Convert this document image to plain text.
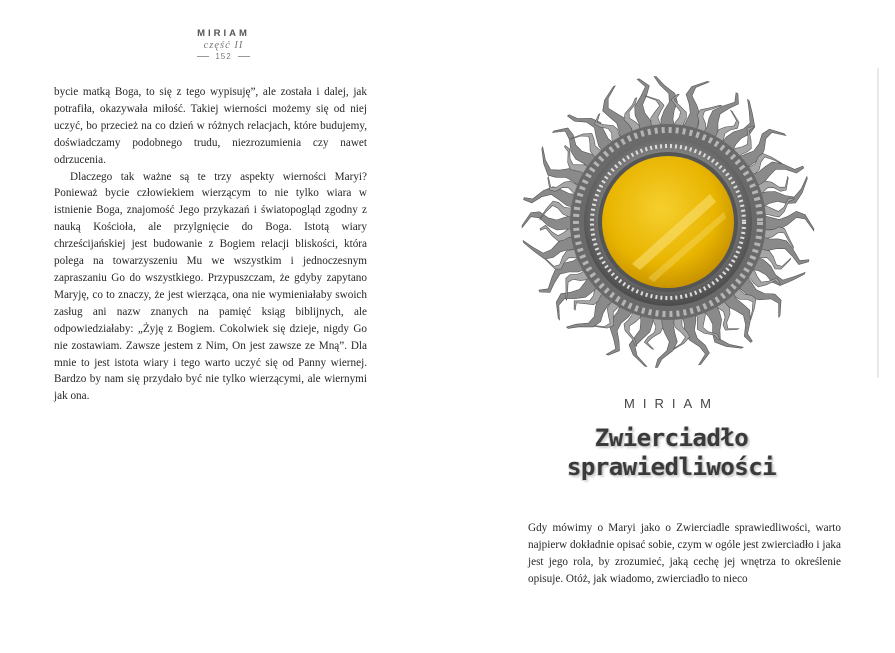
MIRIAM
część II
152

bycie matką Boga, to się z tego wypisuję”, ale została i dalej, jak potrafiła, okazywała miłość. Takiej wierności możemy się od niej uczyć, bo przecież na co dzień w różnych relacjach, które budujemy, doświadczamy podobnego trudu, niezrozumienia czy nawet odrzucenia.

Dlaczego tak ważne są te trzy aspekty wierności Maryi? Ponieważ bycie człowiekiem wierzącym to nie tylko wiara w istnienie Boga, znajomość Jego przykazań i światopogląd zgodny z nauką Kościoła, ale przylgnięcie do Boga. Istotą wiary chrześcijańskiej jest budowanie z Bogiem relacji bliskości, która polega na towarzyszeniu Mu we wszystkim i jednoczesnym zapraszaniu Go do wszystkiego. Przypuszczam, że gdyby zapytano Maryję, co to znaczy, że jest wierząca, ona nie wymieniałaby swoich zasług ani nazw znanych na pamięć ksiąg biblijnych, ale odpowiedziałaby: „Żyję z Bogiem. Cokolwiek się dzieje, nigdy Go nie zostawiam. Zawsze jestem z Nim, On jest zawsze ze Mną”. Dla mnie to jest istota wiary i tego warto uczyć się od Panny wiernej. Bardzo by nam się przydało być nie tylko wierzącymi, ale wiernymi jak ona.	MIRIAM
Zwierciadło
sprawiedliwości

Gdy mówimy o Maryi jako o Zwierciadle sprawiedliwości, warto najpierw dokładnie opisać sobie, czym w ogóle jest zwierciadło i jaka jest jego rola, by zrozumieć, jaką cechę jej wnętrza to określenie opisuje. Otóż, jak wiadomo, zwierciadło to nieco
